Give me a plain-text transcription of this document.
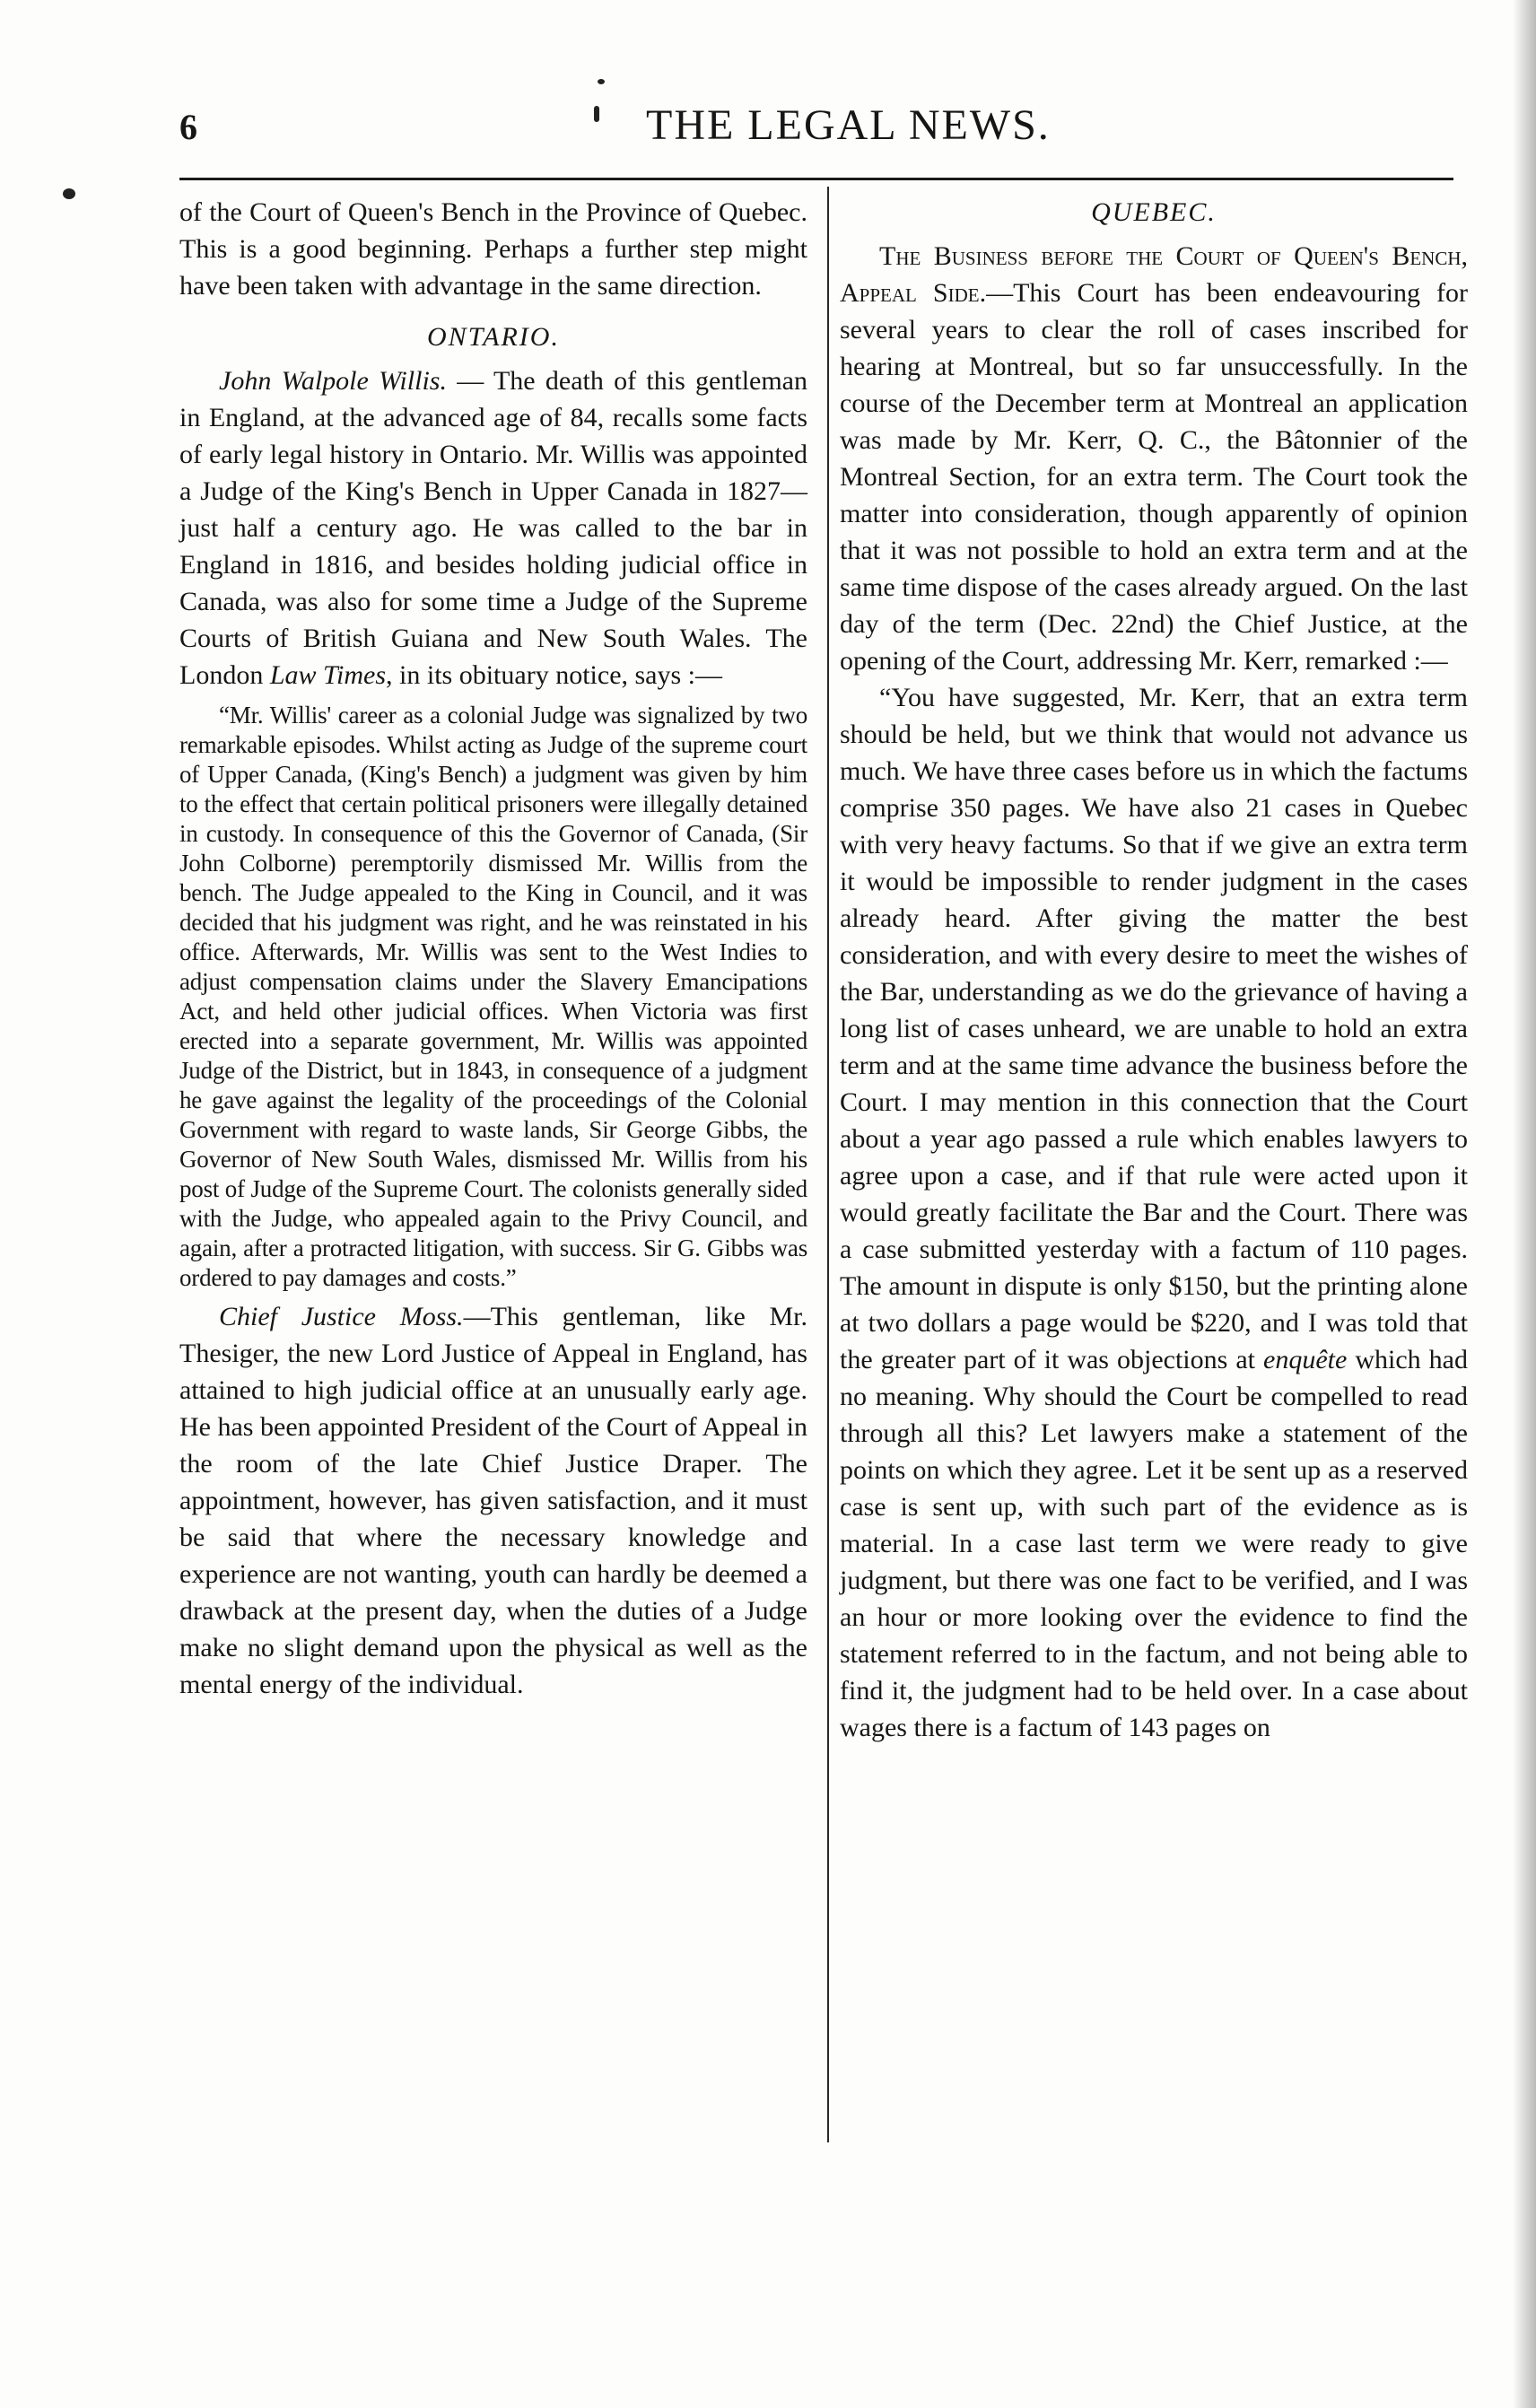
6	THE LEGAL NEWS.

of the Court of Queen's Bench in the Province of Quebec. This is a good beginning. Perhaps a further step might have been taken with advantage in the same direction.

ONTARIO.

John Walpole Willis. — The death of this gentleman in England, at the advanced age of 84, recalls some facts of early legal history in Ontario. Mr. Willis was appointed a Judge of the King's Bench in Upper Canada in 1827—just half a century ago. He was called to the bar in England in 1816, and besides holding judicial office in Canada, was also for some time a Judge of the Supreme Courts of British Guiana and New South Wales. The London Law Times, in its obituary notice, says :—

“Mr. Willis' career as a colonial Judge was signalized by two remarkable episodes. Whilst acting as Judge of the supreme court of Upper Canada, (King's Bench) a judgment was given by him to the effect that certain political prisoners were illegally detained in custody. In consequence of this the Governor of Canada, (Sir John Colborne) peremptorily dismissed Mr. Willis from the bench. The Judge appealed to the King in Council, and it was decided that his judgment was right, and he was reinstated in his office. Afterwards, Mr. Willis was sent to the West Indies to adjust compensation claims under the Slavery Emancipations Act, and held other judicial offices. When Victoria was first erected into a separate government, Mr. Willis was appointed Judge of the District, but in 1843, in consequence of a judgment he gave against the legality of the proceedings of the Colonial Government with regard to waste lands, Sir George Gibbs, the Governor of New South Wales, dismissed Mr. Willis from his post of Judge of the Supreme Court. The colonists generally sided with the Judge, who appealed again to the Privy Council, and again, after a protracted litigation, with success. Sir G. Gibbs was ordered to pay damages and costs.”

Chief Justice Moss.—This gentleman, like Mr. Thesiger, the new Lord Justice of Appeal in England, has attained to high judicial office at an unusually early age. He has been appointed President of the Court of Appeal in the room of the late Chief Justice Draper. The appointment, however, has given satisfaction, and it must be said that where the necessary knowledge and experience are not wanting, youth can hardly be deemed a drawback at the present day, when the duties of a Judge make no slight demand upon the physical as well as the mental energy of the individual.

QUEBEC.

The Business before the Court of Queen's Bench, Appeal Side.—This Court has been endeavouring for several years to clear the roll of cases inscribed for hearing at Montreal, but so far unsuccessfully. In the course of the December term at Montreal an application was made by Mr. Kerr, Q. C., the Bâtonnier of the Montreal Section, for an extra term. The Court took the matter into consideration, though apparently of opinion that it was not possible to hold an extra term and at the same time dispose of the cases already argued. On the last day of the term (Dec. 22nd) the Chief Justice, at the opening of the Court, addressing Mr. Kerr, remarked :—

“You have suggested, Mr. Kerr, that an extra term should be held, but we think that would not advance us much. We have three cases before us in which the factums comprise 350 pages. We have also 21 cases in Quebec with very heavy factums. So that if we give an extra term it would be impossible to render judgment in the cases already heard. After giving the matter the best consideration, and with every desire to meet the wishes of the Bar, understanding as we do the grievance of having a long list of cases unheard, we are unable to hold an extra term and at the same time advance the business before the Court. I may mention in this connection that the Court about a year ago passed a rule which enables lawyers to agree upon a case, and if that rule were acted upon it would greatly facilitate the Bar and the Court. There was a case submitted yesterday with a factum of 110 pages. The amount in dispute is only $150, but the printing alone at two dollars a page would be $220, and I was told that the greater part of it was objections at enquête which had no meaning. Why should the Court be compelled to read through all this? Let lawyers make a statement of the points on which they agree. Let it be sent up as a reserved case is sent up, with such part of the evidence as is material. In a case last term we were ready to give judgment, but there was one fact to be verified, and I was an hour or more looking over the evidence to find the statement referred to in the factum, and not being able to find it, the judgment had to be held over. In a case about wages there is a factum of 143 pages on
